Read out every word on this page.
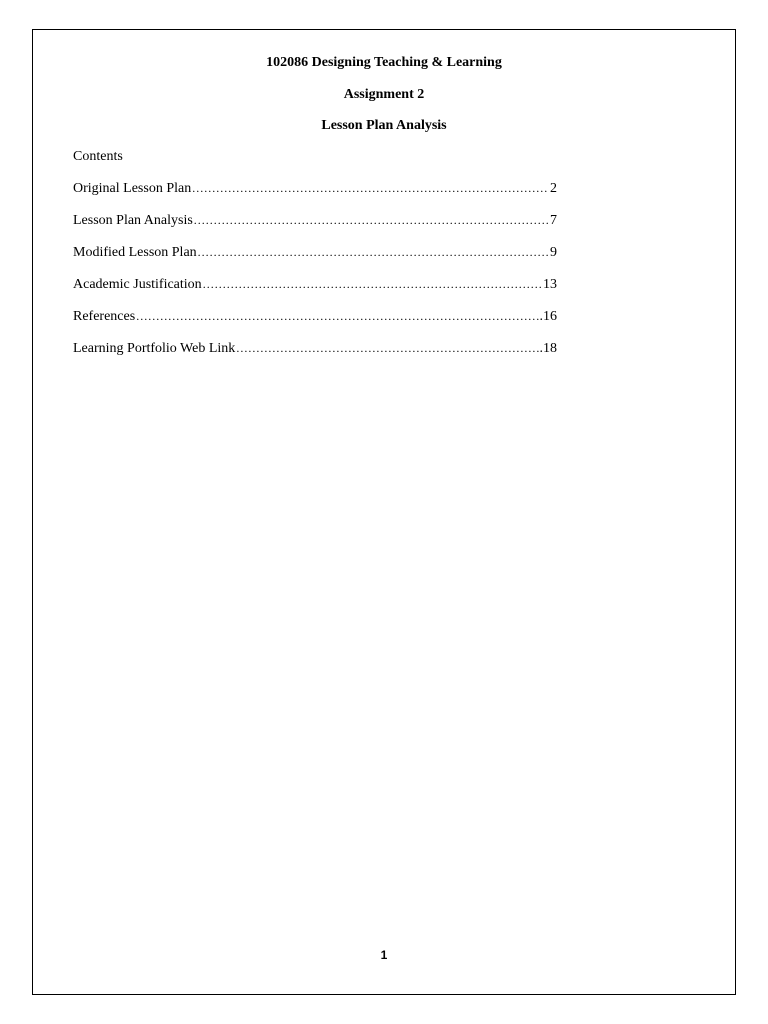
102086 Designing Teaching & Learning
Assignment 2
Lesson Plan Analysis
Contents
Original Lesson Plan .....	2
Lesson Plan Analysis .....	7
Modified Lesson Plan .....	9
Academic Justification .....	13
References .....	.16
Learning Portfolio Web Link .....	.18
1
